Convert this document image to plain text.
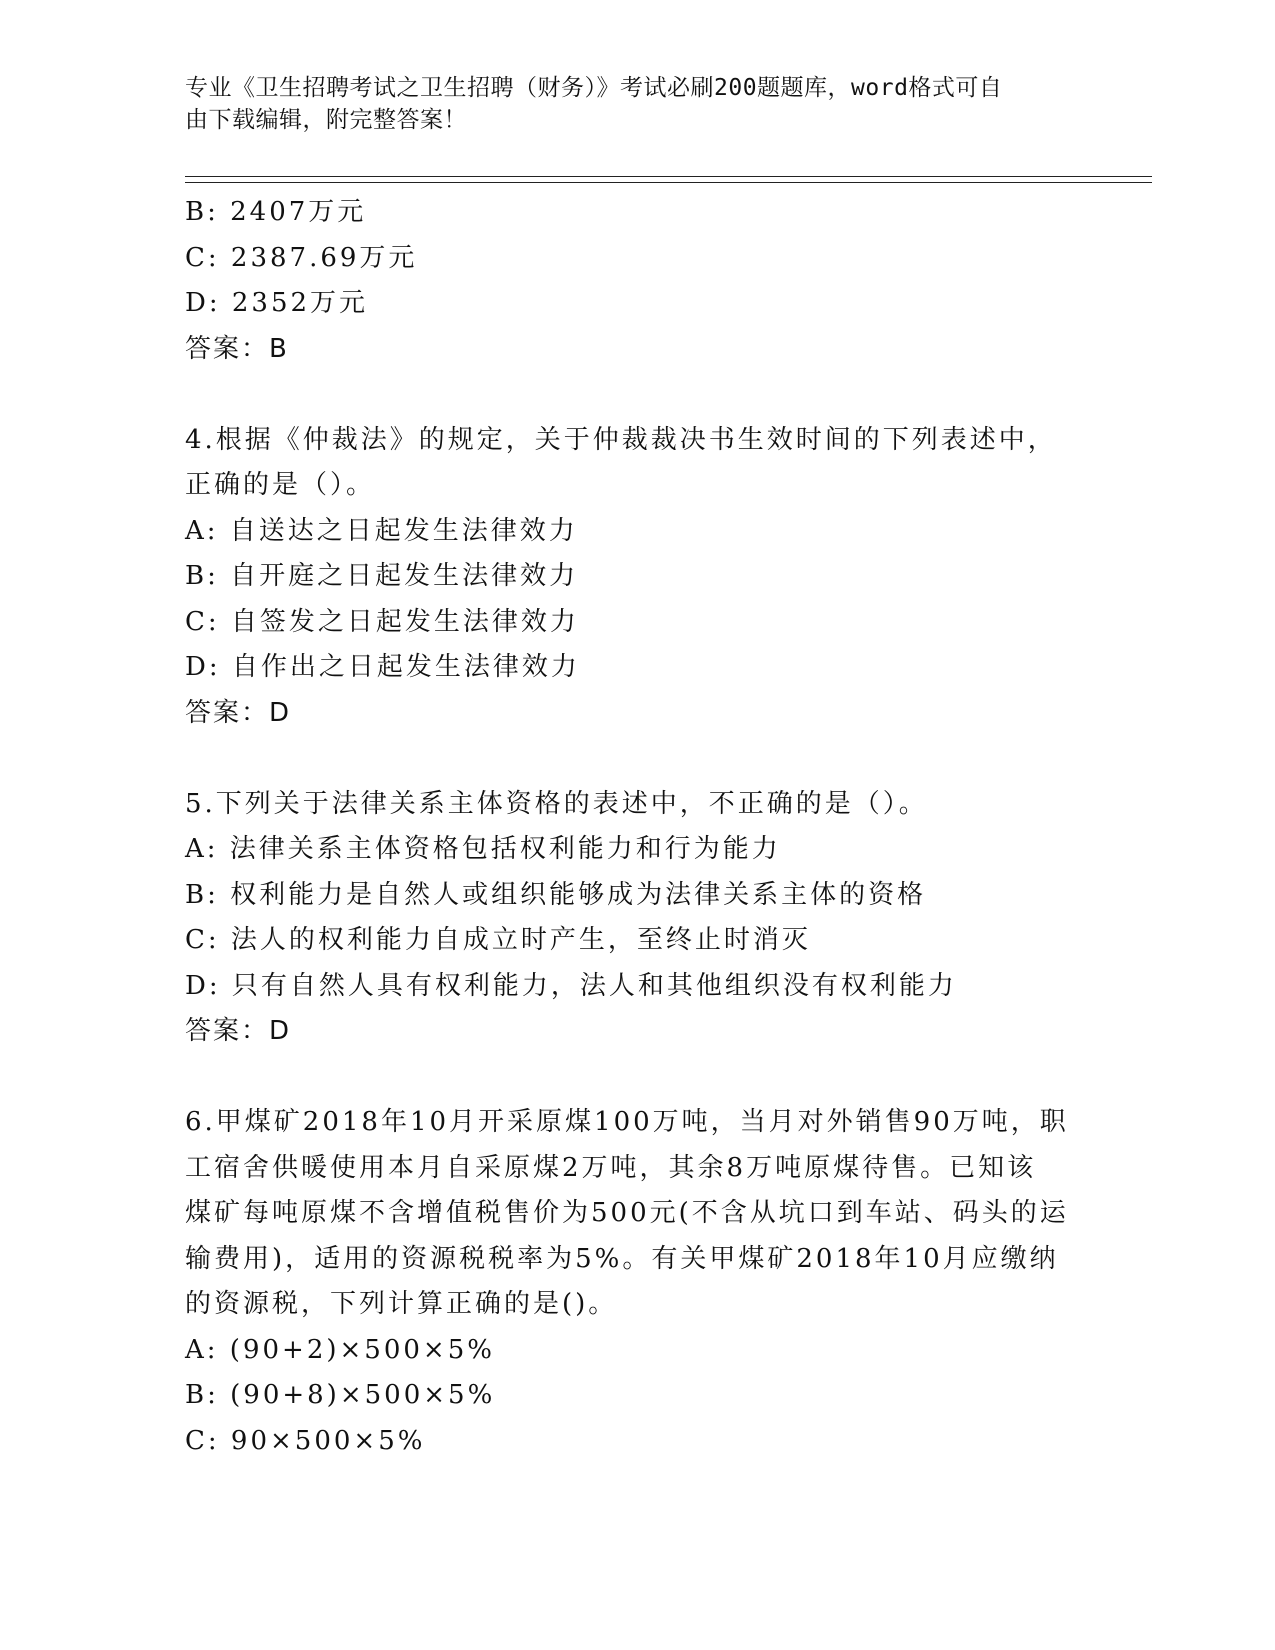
专业《卫生招聘考试之卫生招聘（财务）》考试必刷200题题库，word格式可自
由下载编辑，附完整答案！
B: 2407万元
C: 2387.69万元
D: 2352万元
答案：B
4.根据《仲裁法》的规定，关于仲裁裁决书生效时间的下列表述中，
正确的是（）。
A: 自送达之日起发生法律效力
B: 自开庭之日起发生法律效力
C: 自签发之日起发生法律效力
D: 自作出之日起发生法律效力
答案：D
5.下列关于法律关系主体资格的表述中，不正确的是（）。
A: 法律关系主体资格包括权利能力和行为能力
B: 权利能力是自然人或组织能够成为法律关系主体的资格
C: 法人的权利能力自成立时产生，至终止时消灭
D: 只有自然人具有权利能力，法人和其他组织没有权利能力
答案：D
6.甲煤矿2018年10月开采原煤100万吨，当月对外销售90万吨，职
工宿舍供暖使用本月自采原煤2万吨，其余8万吨原煤待售。已知该
煤矿每吨原煤不含增值税售价为500元(不含从坑口到车站、码头的运
输费用)，适用的资源税税率为5%。有关甲煤矿2018年10月应缴纳
的资源税，下列计算正确的是()。
A: (90+2)×500×5%
B: (90+8)×500×5%
C: 90×500×5%
